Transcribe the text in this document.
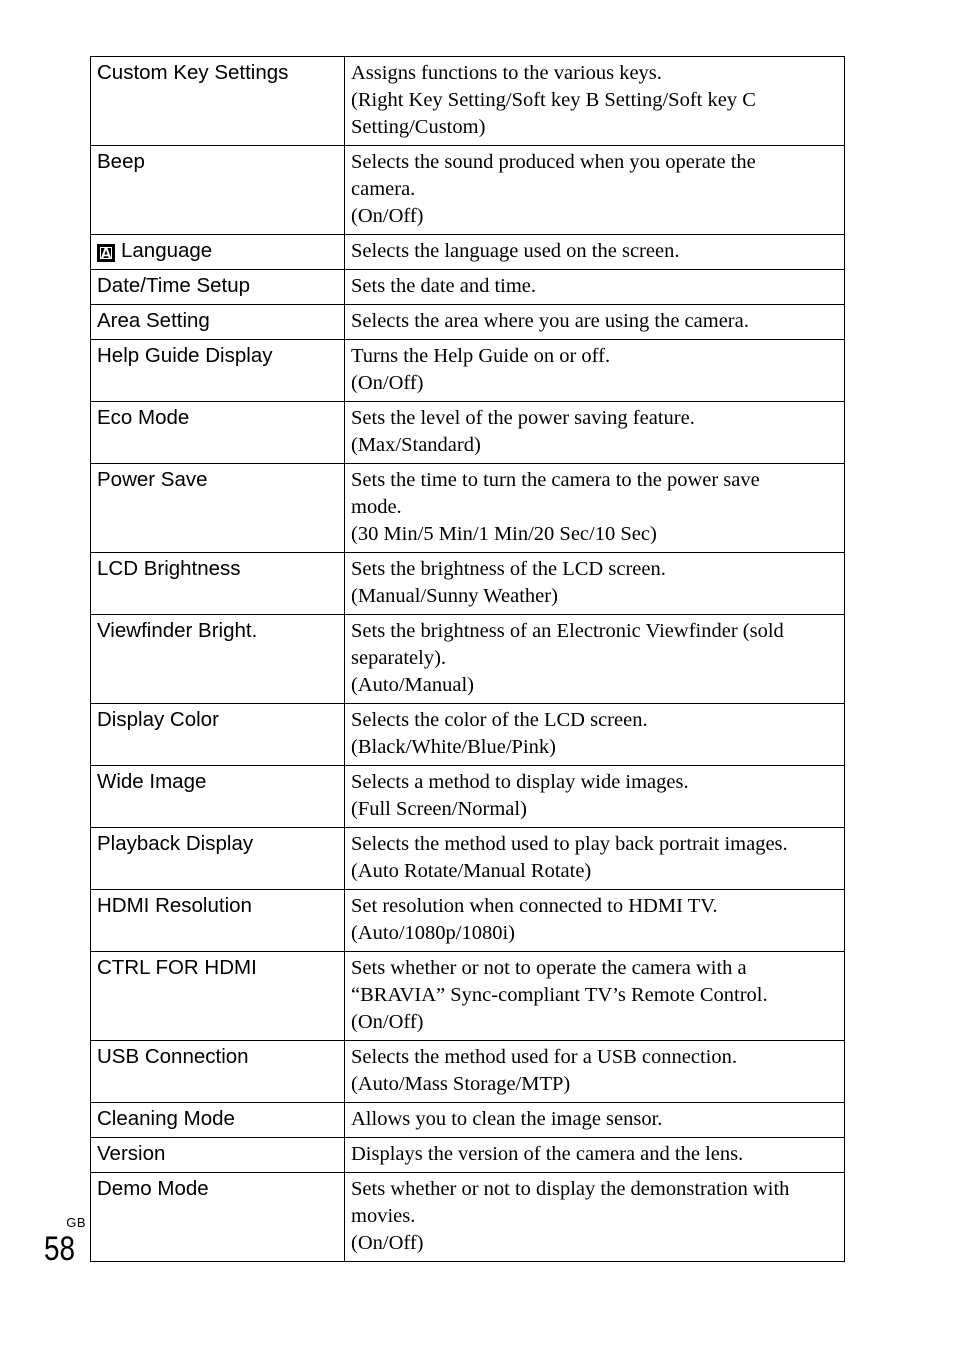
Custom Key Settings	Assigns functions to the various keys.
(Right Key Setting/Soft key B Setting/Soft key C
Setting/Custom)

Beep	Selects the sound produced when you operate the
camera.
(On/Off)

A Language	Selects the language used on the screen.

Date/Time Setup	Sets the date and time.

Area Setting	Selects the area where you are using the camera.

Help Guide Display	Turns the Help Guide on or off.
(On/Off)

Eco Mode	Sets the level of the power saving feature.
(Max/Standard)

Power Save	Sets the time to turn the camera to the power save
mode.
(30 Min/5 Min/1 Min/20 Sec/10 Sec)

LCD Brightness	Sets the brightness of the LCD screen.
(Manual/Sunny Weather)

Viewfinder Bright.	Sets the brightness of an Electronic Viewfinder (sold
separately).
(Auto/Manual)

Display Color	Selects the color of the LCD screen.
(Black/White/Blue/Pink)

Wide Image	Selects a method to display wide images.
(Full Screen/Normal)

Playback Display	Selects the method used to play back portrait images.
(Auto Rotate/Manual Rotate)

HDMI Resolution	Set resolution when connected to HDMI TV.
(Auto/1080p/1080i)

CTRL FOR HDMI	Sets whether or not to operate the camera with a
“BRAVIA” Sync-compliant TV’s Remote Control.
(On/Off)

USB Connection	Selects the method used for a USB connection.
(Auto/Mass Storage/MTP)

Cleaning Mode	Allows you to clean the image sensor.

Version	Displays the version of the camera and the lens.

Demo Mode	Sets whether or not to display the demonstration with
movies.
(On/Off)
GB
58
